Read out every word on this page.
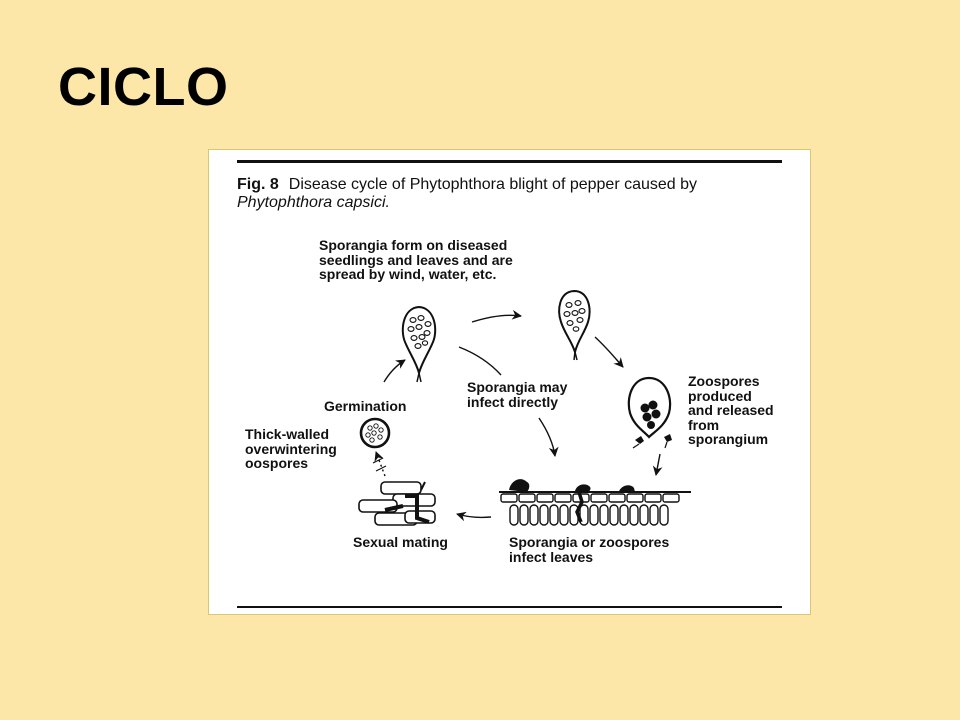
CICLO
Fig. 8 Disease cycle of Phytophthora blight of pepper caused by
Phytophthora capsici.
Sporangia form on diseased
seedlings and leaves and are
spread by wind, water, etc.
Sporangia may
infect directly
Zoospores
produced
and released
from
sporangium
Germination
Thick-walled
overwintering
oospores
Sexual mating	Sporangia or zoospores
infect leaves
